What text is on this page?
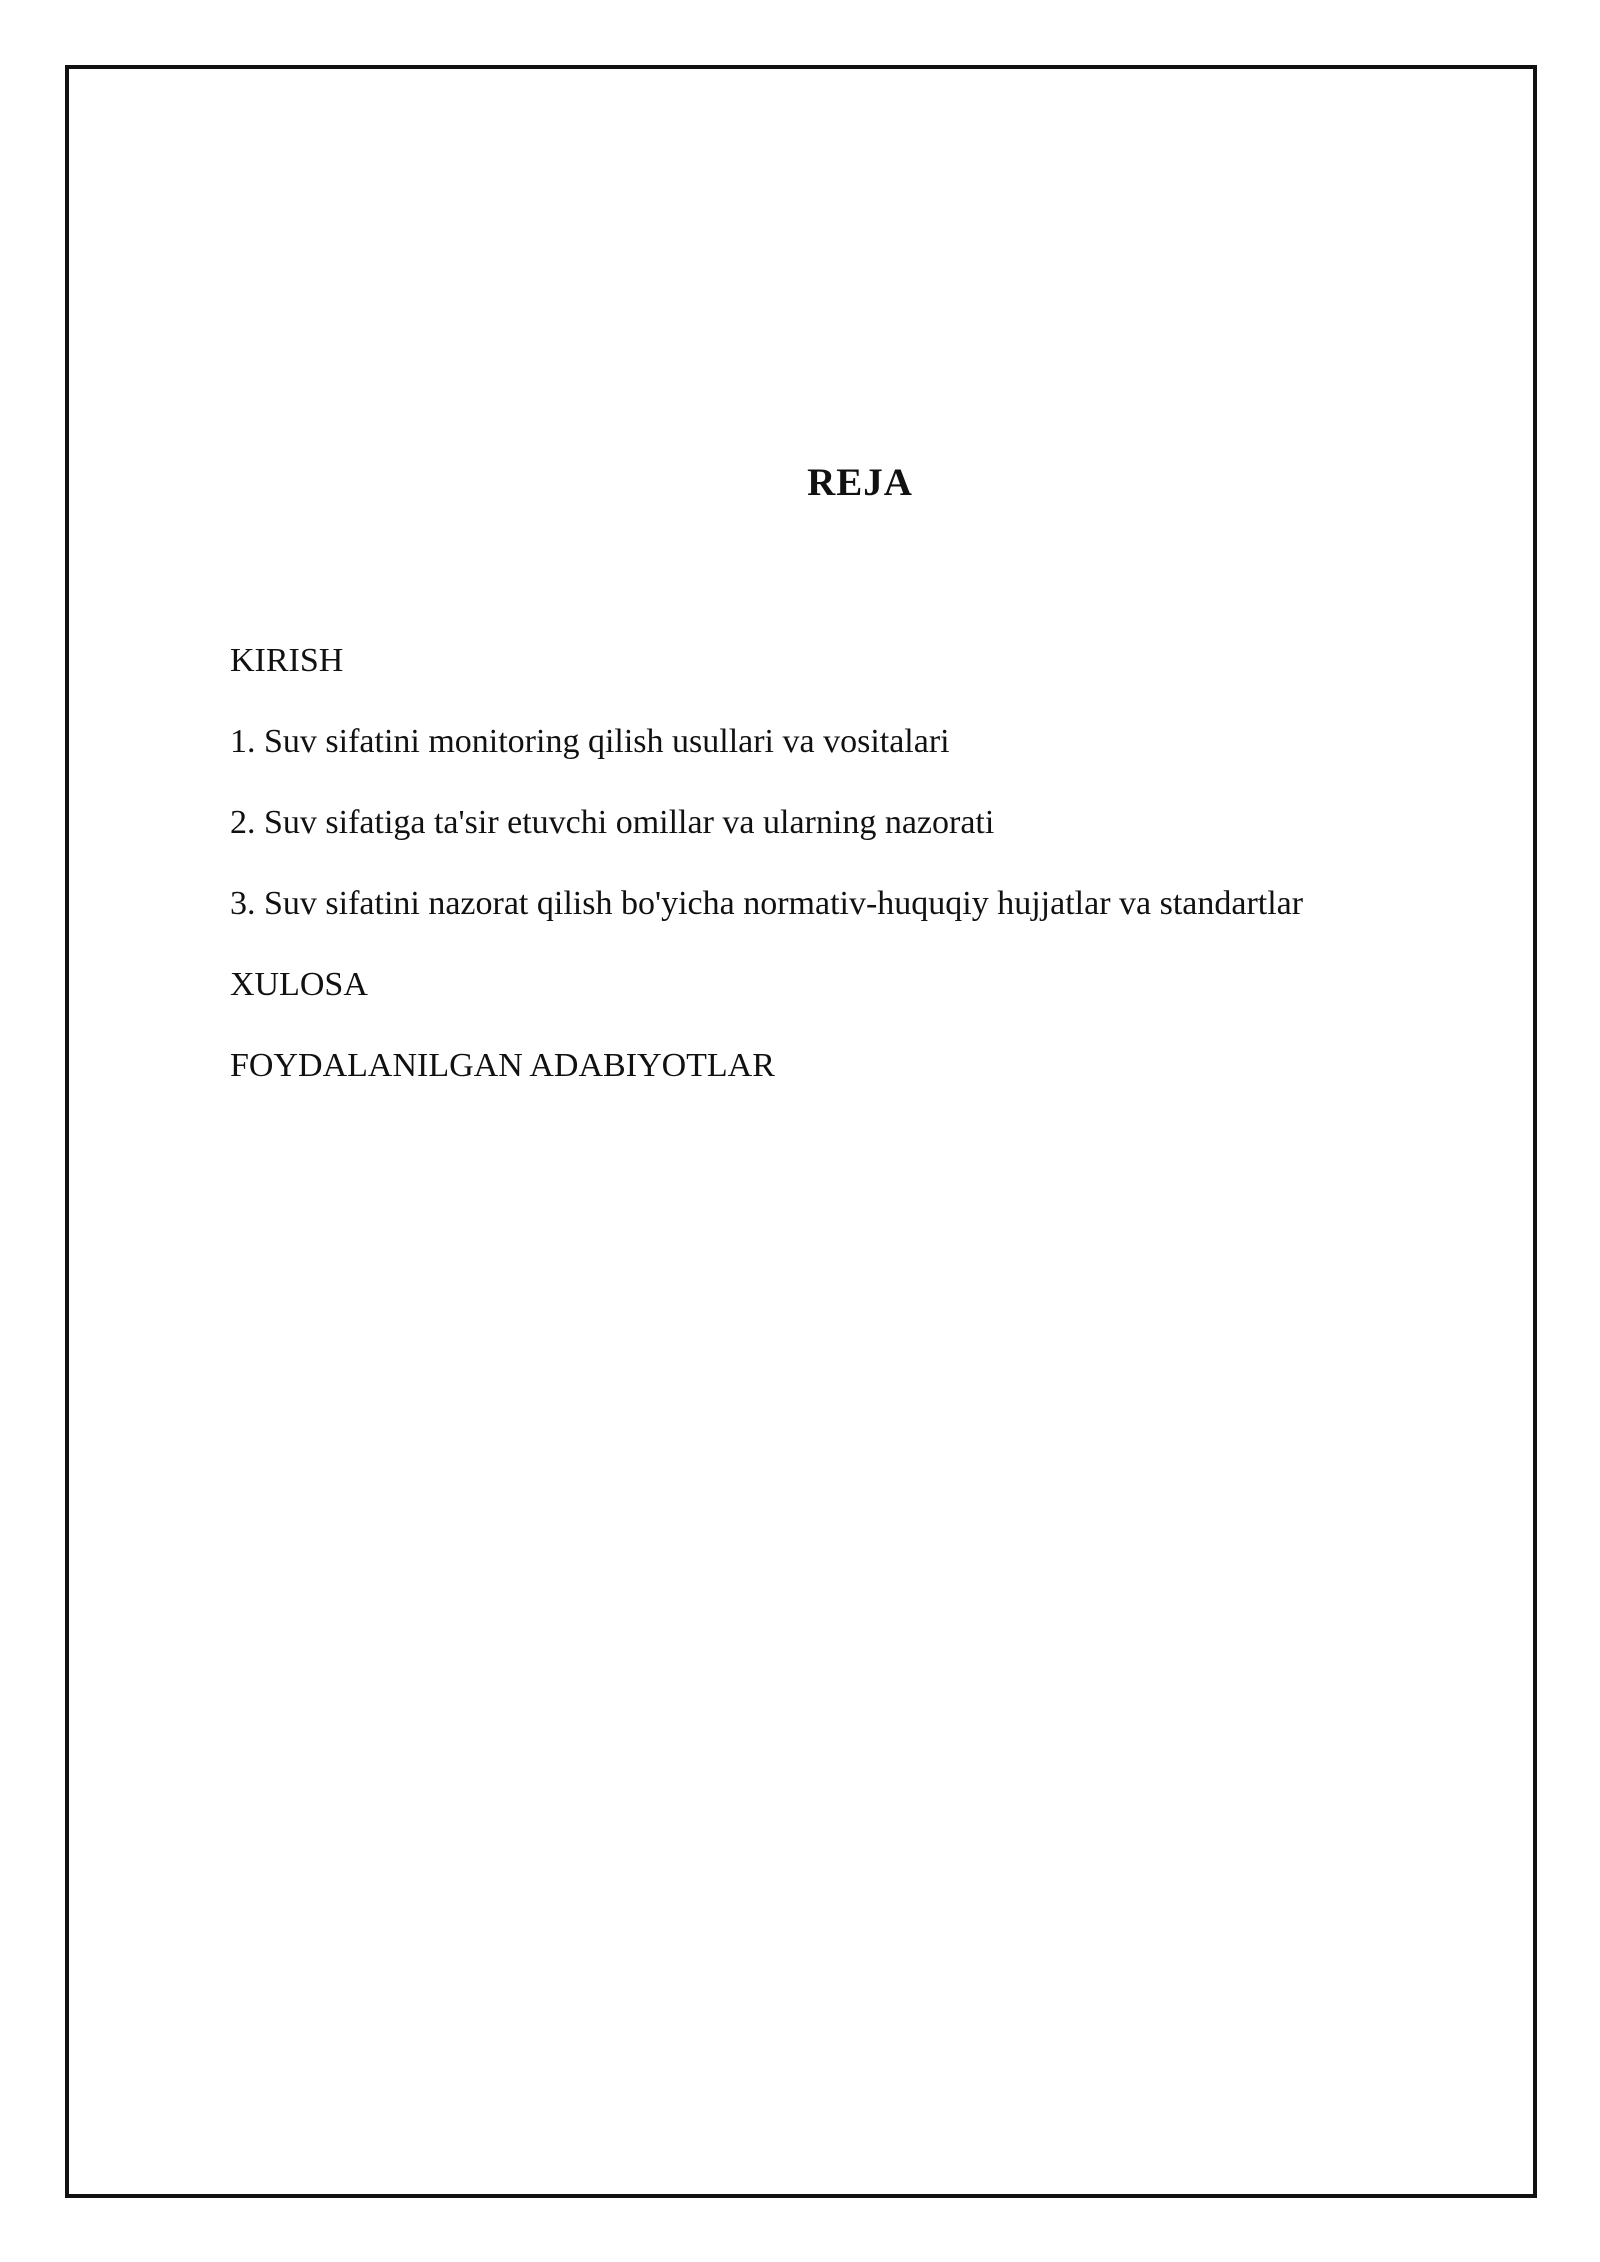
REJA
KIRISH
1. Suv sifatini monitoring qilish usullari va vositalari
2. Suv sifatiga ta'sir etuvchi omillar va ularning nazorati
3. Suv sifatini nazorat qilish bo'yicha normativ-huquqiy hujjatlar va standartlar
XULOSA
FOYDALANILGAN ADABIYOTLAR
